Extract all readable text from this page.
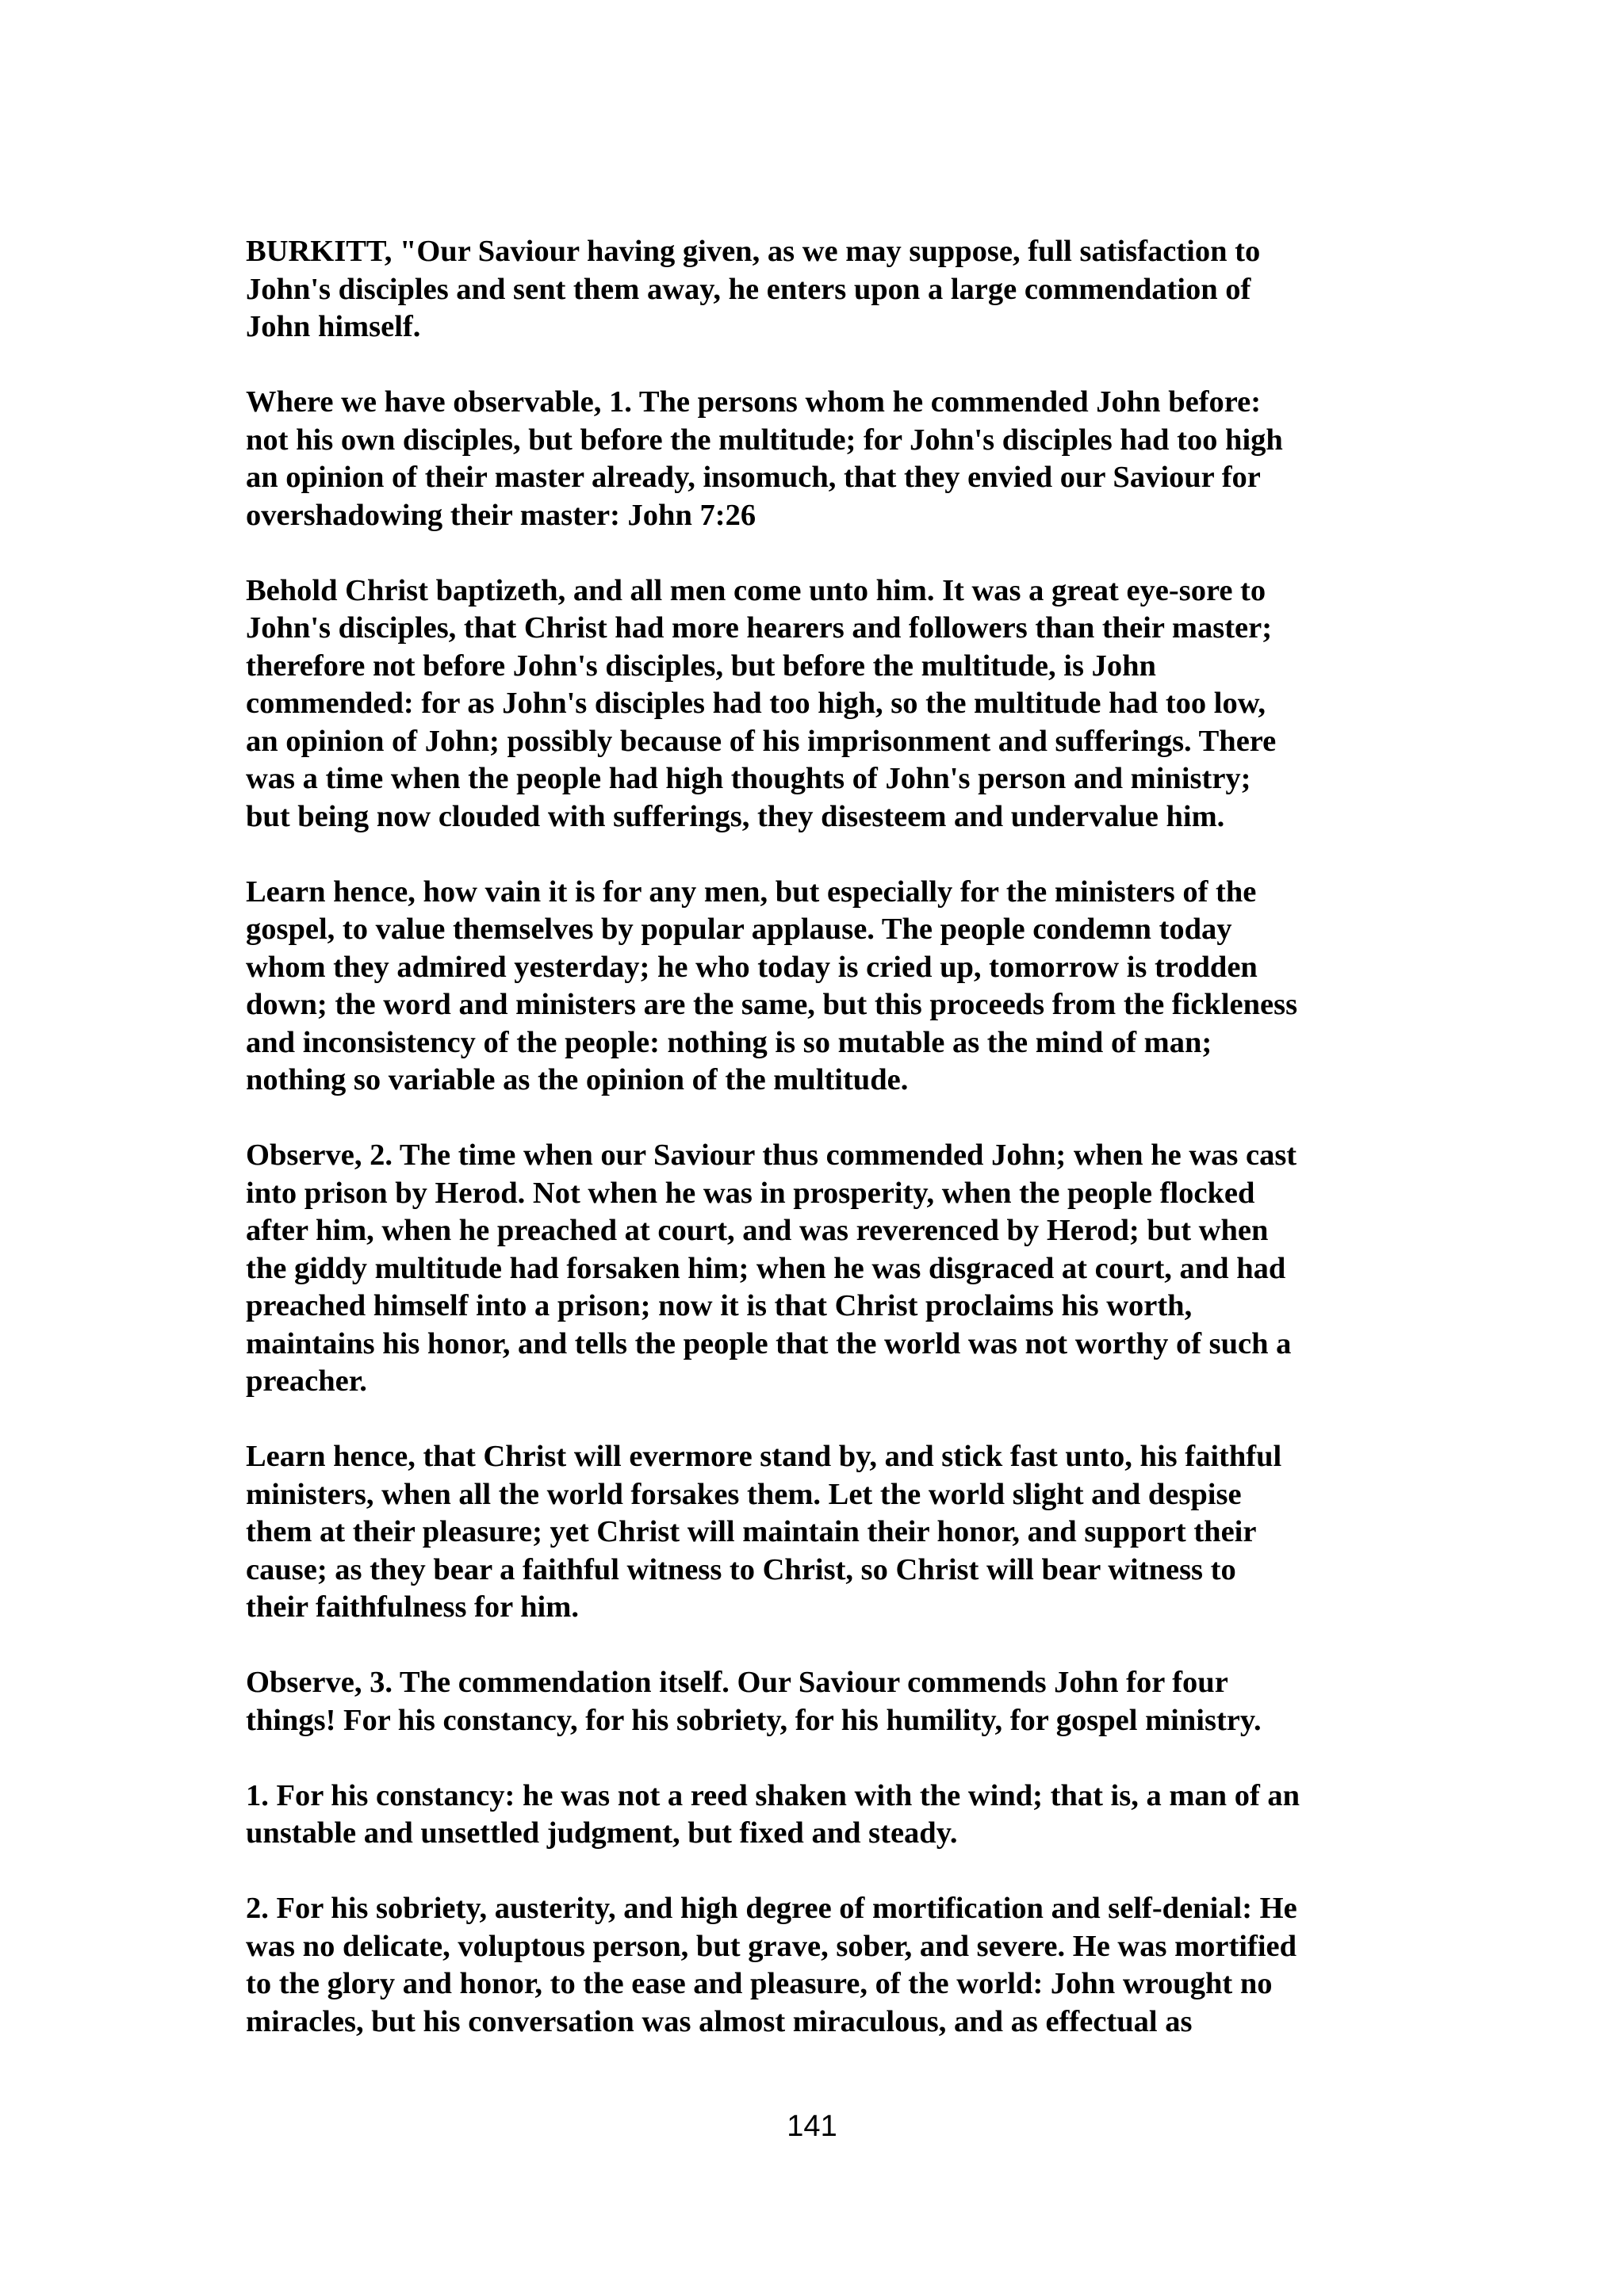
BURKITT, "Our Saviour having given, as we may suppose, full satisfaction to
John's disciples and sent them away, he enters upon a large commendation of
John himself.

Where we have observable, 1. The persons whom he commended John before:
not his own disciples, but before the multitude; for John's disciples had too high
an opinion of their master already, insomuch, that they envied our Saviour for
overshadowing their master: John 7:26

Behold Christ baptizeth, and all men come unto him. It was a great eye-sore to
John's disciples, that Christ had more hearers and followers than their master;
therefore not before John's disciples, but before the multitude, is John
commended: for as John's disciples had too high, so the multitude had too low,
an opinion of John; possibly because of his imprisonment and sufferings. There
was a time when the people had high thoughts of John's person and ministry;
but being now clouded with sufferings, they disesteem and undervalue him.

Learn hence, how vain it is for any men, but especially for the ministers of the
gospel, to value themselves by popular applause. The people condemn today
whom they admired yesterday; he who today is cried up, tomorrow is trodden
down; the word and ministers are the same, but this proceeds from the fickleness
and inconsistency of the people: nothing is so mutable as the mind of man;
nothing so variable as the opinion of the multitude.

Observe, 2. The time when our Saviour thus commended John; when he was cast
into prison by Herod. Not when he was in prosperity, when the people flocked
after him, when he preached at court, and was reverenced by Herod; but when
the giddy multitude had forsaken him; when he was disgraced at court, and had
preached himself into a prison; now it is that Christ proclaims his worth,
maintains his honor, and tells the people that the world was not worthy of such a
preacher.

Learn hence, that Christ will evermore stand by, and stick fast unto, his faithful
ministers, when all the world forsakes them. Let the world slight and despise
them at their pleasure; yet Christ will maintain their honor, and support their
cause; as they bear a faithful witness to Christ, so Christ will bear witness to
their faithfulness for him.

Observe, 3. The commendation itself. Our Saviour commends John for four
things! For his constancy, for his sobriety, for his humility, for gospel ministry.

1. For his constancy: he was not a reed shaken with the wind; that is, a man of an
unstable and unsettled judgment, but fixed and steady.

2. For his sobriety, austerity, and high degree of mortification and self-denial: He
was no delicate, voluptous person, but grave, sober, and severe. He was mortified
to the glory and honor, to the ease and pleasure, of the world: John wrought no
miracles, but his conversation was almost miraculous, and as effectual as

141
